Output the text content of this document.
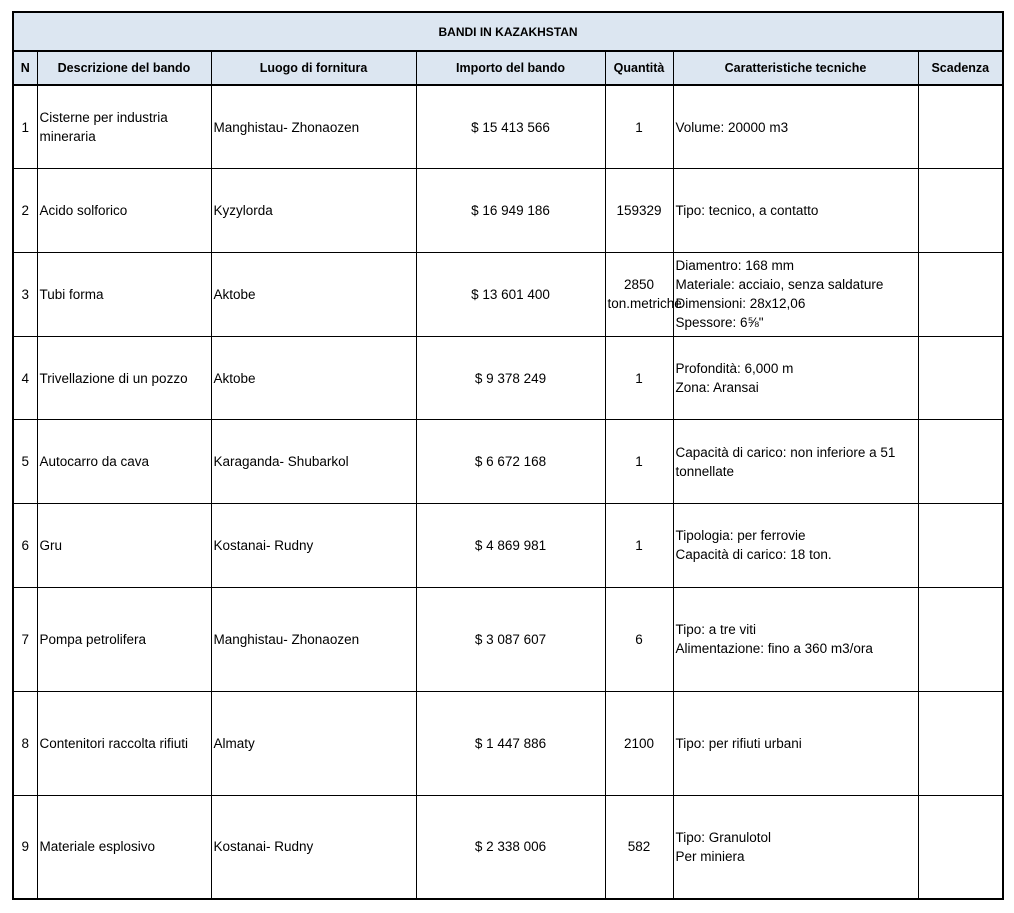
BANDI IN KAZAKHSTAN						
N	Descrizione del bando	Luogo di fornitura	Importo del bando	Quantità	Caratteristiche tecniche	Scadenza
1	Cisterne per industria mineraria	Manghistau- Zhonaozen	$ 15 413 566	1	Volume: 20000 m3	
2	Acido solforico	Kyzylorda	$ 16 949 186	159329	Tipo: tecnico, a contatto	
3	Tubi forma	Aktobe	$ 13 601 400	2850 ton.metriche	Diamentro: 168 mm
Materiale: acciaio, senza saldature
Dimensioni: 28x12,06
Spessore: 6⅝"	
4	Trivellazione di un pozzo	Aktobe	$ 9 378 249	1	Profondità: 6,000 m
Zona: Aransai	
5	Autocarro da cava	Karaganda- Shubarkol	$ 6 672 168	1	Capacità di carico: non inferiore a 51 tonnellate	
6	Gru	Kostanai- Rudny	$ 4 869 981	1	Tipologia: per ferrovie
Capacità di carico: 18 ton.	
7	Pompa petrolifera	Manghistau- Zhonaozen	$ 3 087 607	6	Tipo: a tre viti
Alimentazione: fino a 360 m3/ora	
8	Contenitori raccolta rifiuti	Almaty	$ 1 447 886	2100	Tipo: per rifiuti urbani	
9	Materiale esplosivo	Kostanai- Rudny	$ 2 338 006	582	Tipo: Granulotol
Per miniera	
